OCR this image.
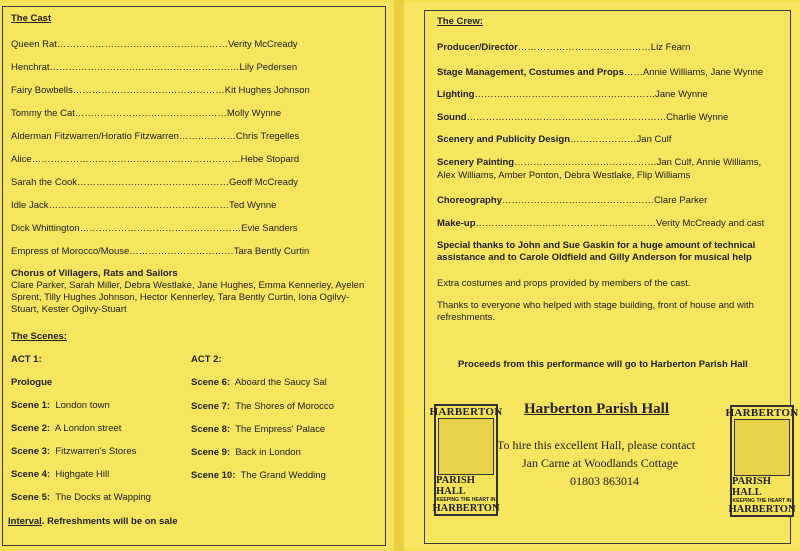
The Cast
Queen Rat………………………………………………Verity McCready
Henchrat……………………………………………………Lily Pedersen
Fairy Bowbells…………………………………………Kit Hughes Johnson
Tommy the Cat…………………………………………Molly Wynne
Alderman Fitzwarren/Horatio Fitzwarren………………Chris Tregelles
Alice…………………………………………………………Hebe Stopard
Sarah the Cook…………………………………………Geoff McCready
Idle Jack…………………………………………………Ted Wynne
Dick Whittington……………………………………………Evie Sanders
Empress of Morocco/Mouse……………………………Tara Bently Curtin
Chorus of Villagers, Rats and Sailors
Clare Parker, Sarah Miller, Debra Westlake, Jane Hughes, Emma Kennerley, Ayelen Sprent, Tilly Hughes Johnson, Hector Kennerley, Tara Bently Curtin, Iona Ogilvy-Stuart, Kester Ogilvy-Stuart
The Scenes:
ACT 1:	ACT 2:
Prologue
Scene 1: London town
Scene 2: A London street
Scene 3: Fitzwarren's Stores
Scene 4: Highgate Hill
Scene 5: The Docks at Wapping
Scene 6: Aboard the Saucy Sal
Scene 7: The Shores of Morocco
Scene 8: The Empress' Palace
Scene 9: Back in London
Scene 10: The Grand Wedding
Interval. Refreshments will be on sale
The Crew:
Producer/Director……………………………………Liz Fearn
Stage Management, Costumes and Props……Annie Williams, Jane Wynne
Lighting…………………………………………………Jane Wynne
Sound………………………………………………………Charlie Wynne
Scenery and Publicity Design…………………Jan Culf
Scenery Painting………………………………………Jan Culf, Annie Williams,
Alex Williams, Amber Ponton, Debra Westlake, Flip Williams
Choreography…………………………………………Clare Parker
Make-up…………………………………………………Verity McCready and cast
Special thanks to John and Sue Gaskin for a huge amount of technical assistance and to Carole Oldfield and Gilly Anderson for musical help
Extra costumes and props provided by members of the cast.
Thanks to everyone who helped with stage building, front of house and with refreshments.
Proceeds from this performance will go to Harberton Parish Hall
HARBERTON
PARISH HALL
KEEPING THE HEART IN
HARBERTON
Harberton Parish Hall
To hire this excellent Hall, please contact
Jan Carne at Woodlands Cottage
01803 863014
HARBERTON
PARISH HALL
KEEPING THE HEART IN
HARBERTON
